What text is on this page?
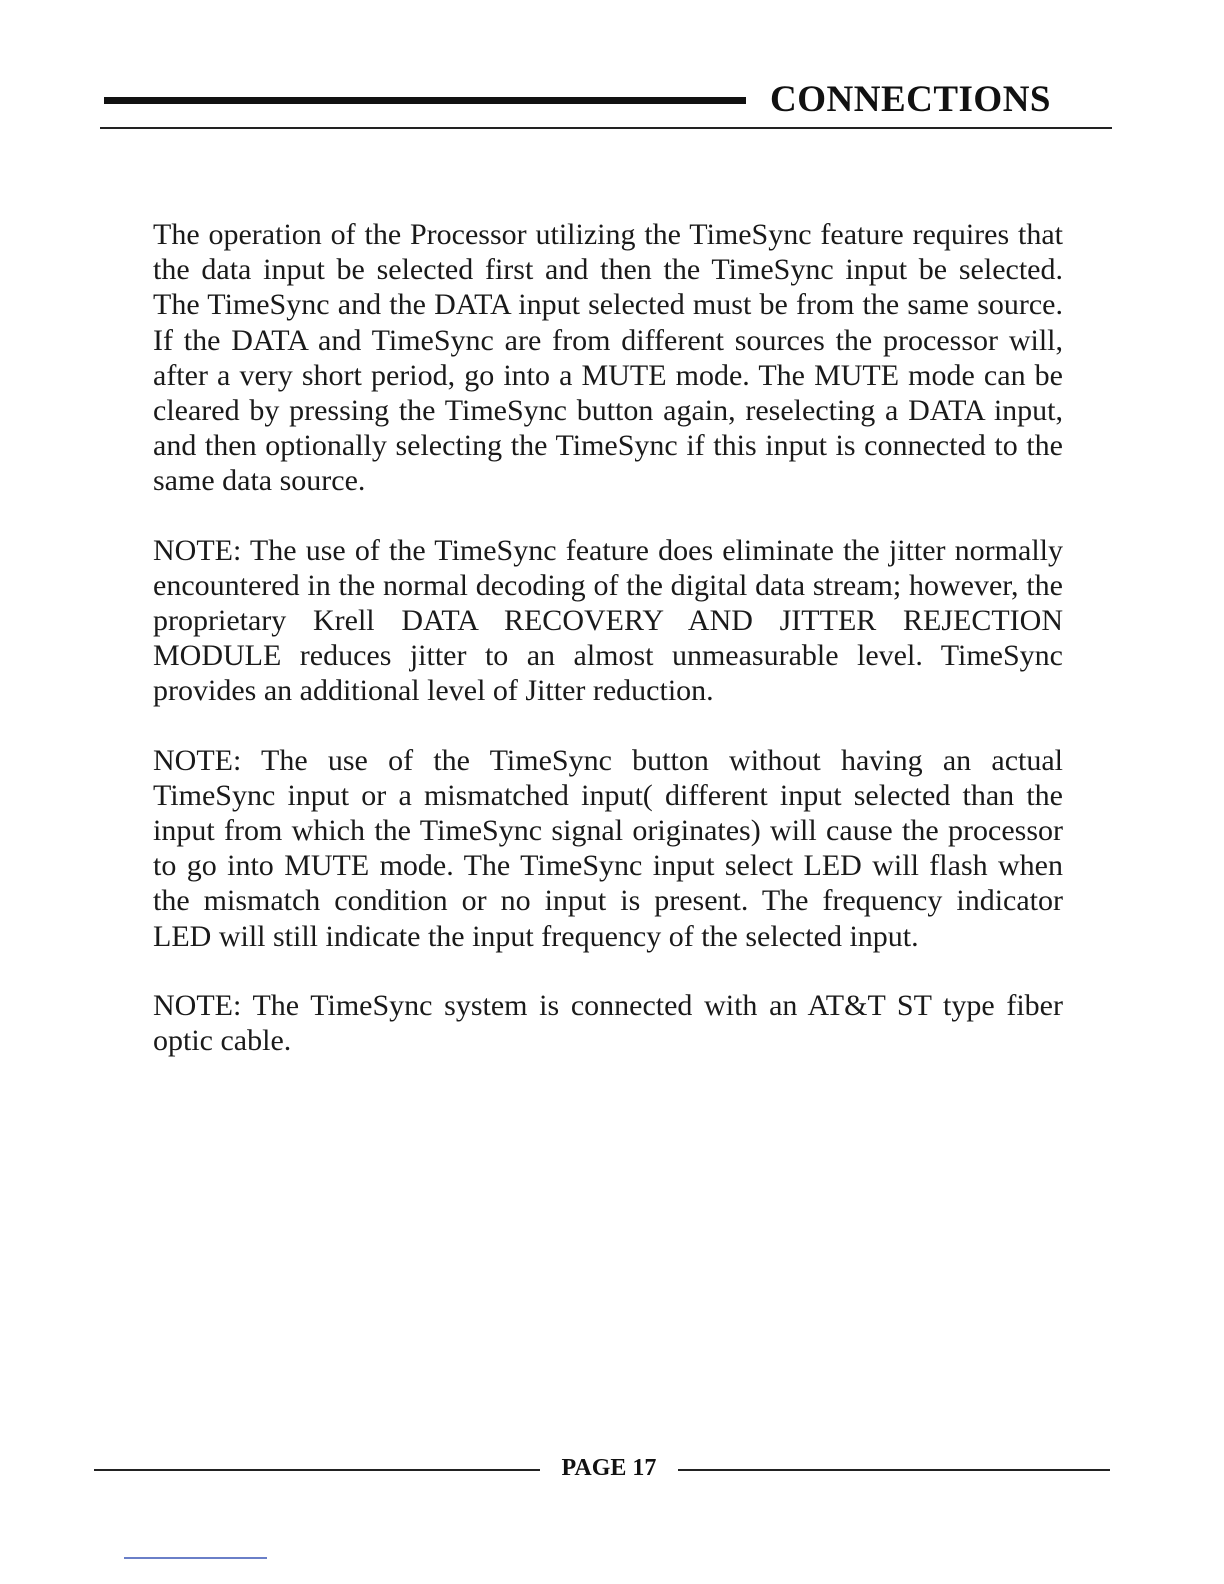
CONNECTIONS

The operation of the Processor utilizing the TimeSync feature requires that the data input be selected first and then the TimeSync input be selected. The TimeSync and the DATA input selected must be from the same source. If the DATA and TimeSync are from different sources the processor will, after a very short period, go into a MUTE mode. The MUTE mode can be cleared by pressing the TimeSync button again, reselecting a DATA input, and then optionally selecting the TimeSync if this input is connected to the same data source.

NOTE: The use of the TimeSync feature does eliminate the jitter normally encountered in the normal decoding of the digital data stream; however, the proprietary Krell DATA RECOVERY AND JITTER REJECTION MODULE reduces jitter to an almost unmeasurable level. TimeSync provides an additional level of Jitter reduction.

NOTE: The use of the TimeSync button without having an actual TimeSync input or a mismatched input( different input selected than the input from which the TimeSync signal originates) will cause the processor to go into MUTE mode. The TimeSync input select LED will flash when the mismatch condition or no input is present. The frequency indicator LED will still indicate the input frequency of the selected input.

NOTE: The TimeSync system is connected with an AT&T ST type fiber optic cable.

PAGE 17
